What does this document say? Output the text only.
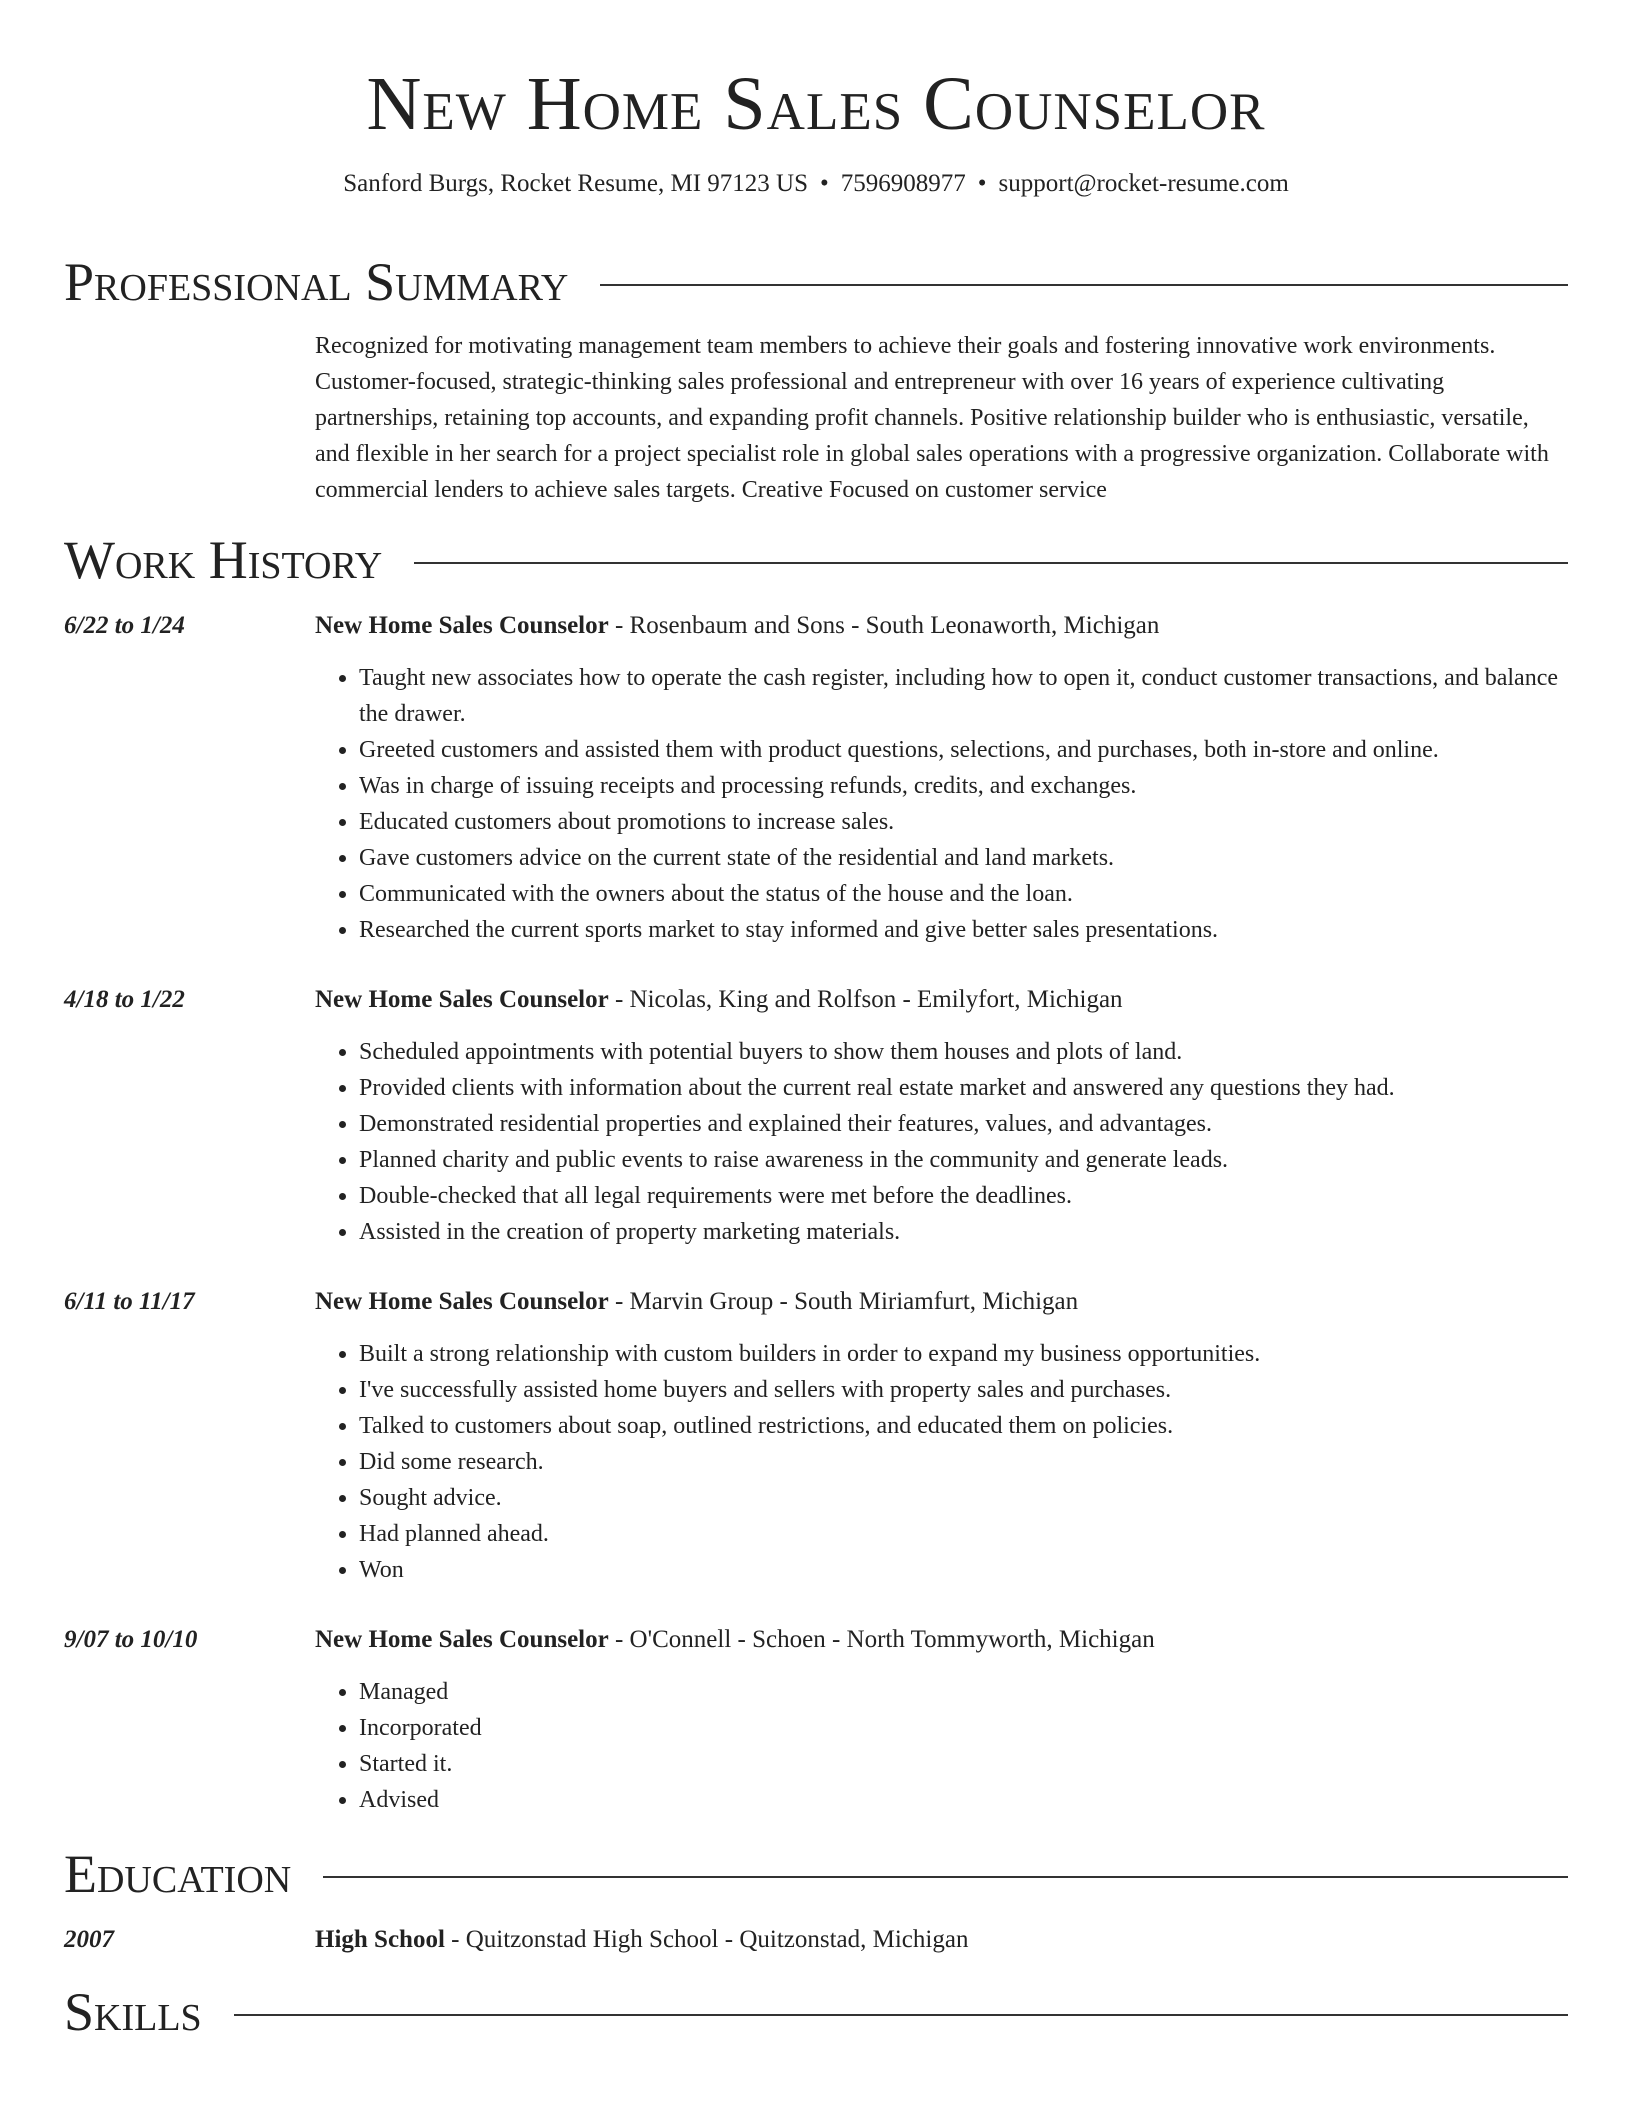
New Home Sales Counselor
Sanford Burgs, Rocket Resume, MI 97123 US • 7596908977 • support@rocket-resume.com
Professional Summary
Recognized for motivating management team members to achieve their goals and fostering innovative work environments. Customer-focused, strategic-thinking sales professional and entrepreneur with over 16 years of experience cultivating partnerships, retaining top accounts, and expanding profit channels. Positive relationship builder who is enthusiastic, versatile, and flexible in her search for a project specialist role in global sales operations with a progressive organization. Collaborate with commercial lenders to achieve sales targets. Creative Focused on customer service
Work History
6/22 to 1/24	New Home Sales Counselor - Rosenbaum and Sons - South Leonaworth, Michigan
• Taught new associates how to operate the cash register, including how to open it, conduct customer transactions, and balance the drawer.
• Greeted customers and assisted them with product questions, selections, and purchases, both in-store and online.
• Was in charge of issuing receipts and processing refunds, credits, and exchanges.
• Educated customers about promotions to increase sales.
• Gave customers advice on the current state of the residential and land markets.
• Communicated with the owners about the status of the house and the loan.
• Researched the current sports market to stay informed and give better sales presentations.
4/18 to 1/22	New Home Sales Counselor - Nicolas, King and Rolfson - Emilyfort, Michigan
• Scheduled appointments with potential buyers to show them houses and plots of land.
• Provided clients with information about the current real estate market and answered any questions they had.
• Demonstrated residential properties and explained their features, values, and advantages.
• Planned charity and public events to raise awareness in the community and generate leads.
• Double-checked that all legal requirements were met before the deadlines.
• Assisted in the creation of property marketing materials.
6/11 to 11/17	New Home Sales Counselor - Marvin Group - South Miriamfurt, Michigan
• Built a strong relationship with custom builders in order to expand my business opportunities.
• I've successfully assisted home buyers and sellers with property sales and purchases.
• Talked to customers about soap, outlined restrictions, and educated them on policies.
• Did some research.
• Sought advice.
• Had planned ahead.
• Won
9/07 to 10/10	New Home Sales Counselor - O'Connell - Schoen - North Tommyworth, Michigan
• Managed
• Incorporated
• Started it.
• Advised
Education
2007	High School - Quitzonstad High School - Quitzonstad, Michigan
Skills
